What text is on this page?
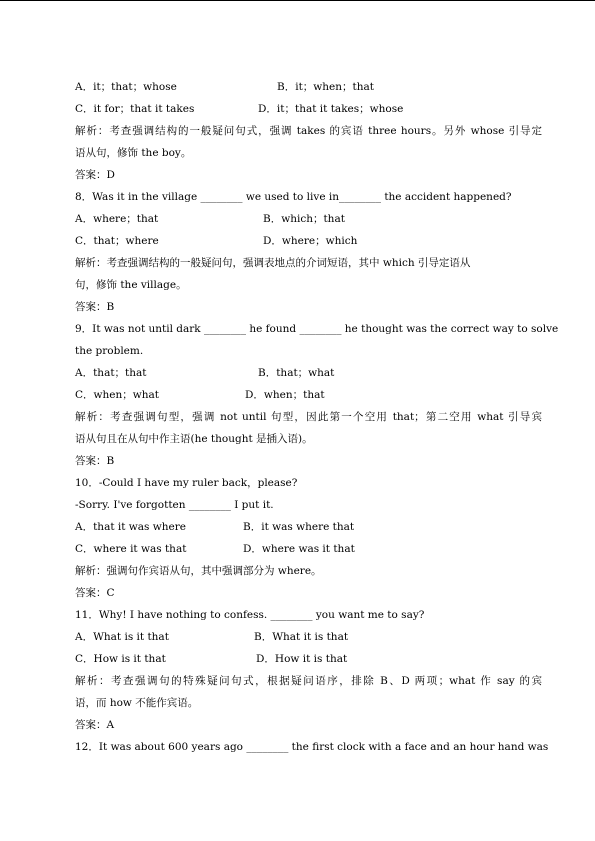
A．it；that；whose	B．it；when；that
C．it for；that it takes	D．it；that it takes；whose
解析：考查强调结构的一般疑问句式，强调 takes 的宾语 three hours。另外 whose 引导定
语从句，修饰 the boy。
答案：D
8．Was it in the village ________ we used to live in________ the accident happened?
A．where；that	B．which；that
C．that；where	D．where；which
解析：考查强调结构的一般疑问句，强调表地点的介词短语，其中 which 引导定语从
句，修饰 the village。
答案：B
9．It was not until dark ________ he found ________ he thought was the correct way to solve
the problem.
A．that；that	B．that；what
C．when；what	D．when；that
解析：考查强调句型，强调 not until 句型，因此第一个空用 that；第二空用 what 引导宾
语从句且在从句中作主语(he thought 是插入语)。
答案：B
10．-Could I have my ruler back，please?
-Sorry. I've forgotten ________ I put it.
A．that it was where	B．it was where that
C．where it was that	D．where was it that
解析：强调句作宾语从句，其中强调部分为 where。
答案：C
11．Why! I have nothing to confess. ________ you want me to say?
A．What is it that	B．What it is that
C．How is it that	D．How it is that
解析：考查强调句的特殊疑问句式，根据疑问语序，排除 B、D 两项；what 作 say 的宾
语，而 how 不能作宾语。
答案：A
12．It was about 600 years ago ________ the first clock with a face and an hour hand was
